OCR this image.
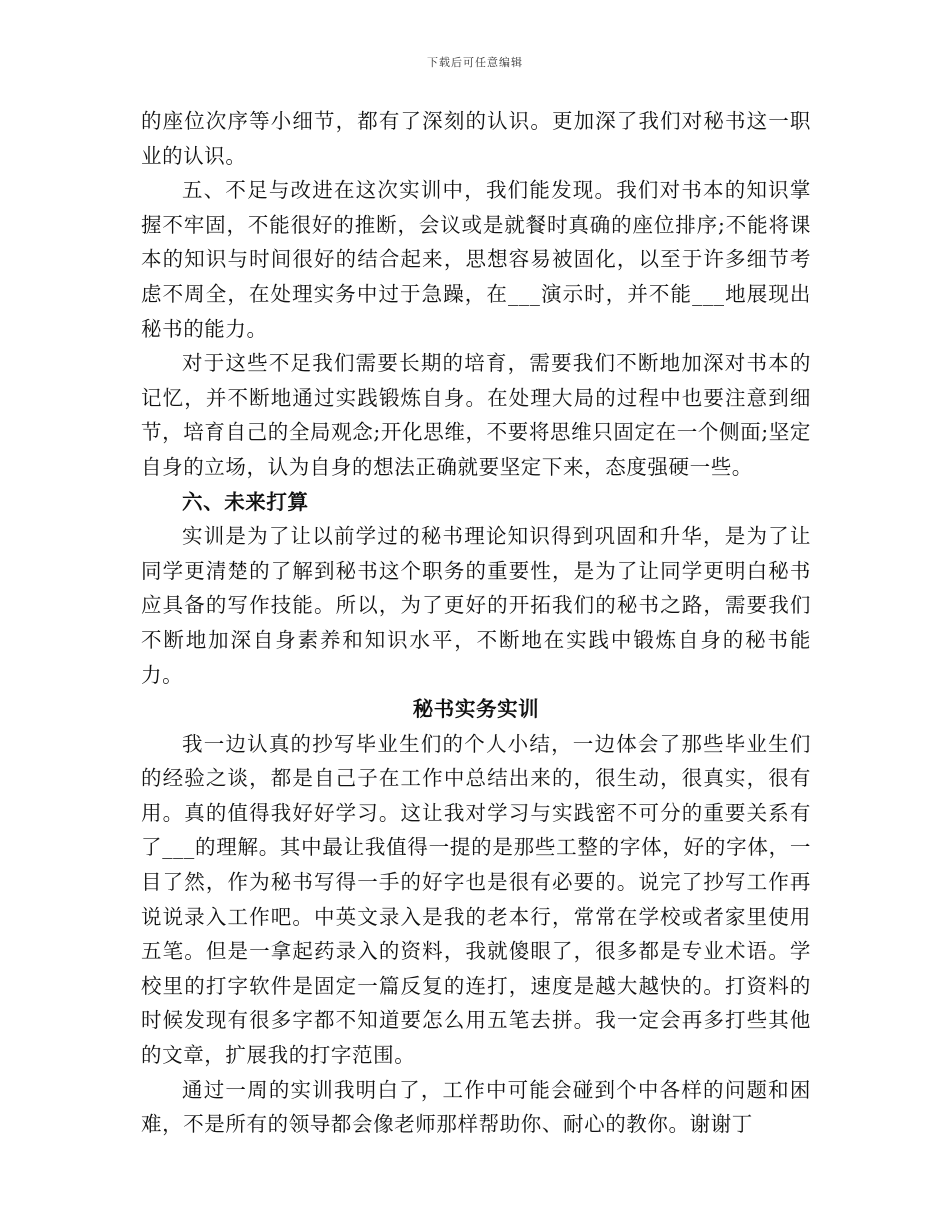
下载后可任意编辑

的座位次序等小细节，都有了深刻的认识。更加深了我们对秘书这一职业的认识。

五、不足与改进在这次实训中，我们能发现。我们对书本的知识掌握不牢固，不能很好的推断，会议或是就餐时真确的座位排序;不能将课本的知识与时间很好的结合起来，思想容易被固化，以至于许多细节考虑不周全，在处理实务中过于急躁，在___演示时，并不能___地展现出秘书的能力。

对于这些不足我们需要长期的培育，需要我们不断地加深对书本的记忆，并不断地通过实践锻炼自身。在处理大局的过程中也要注意到细节，培育自己的全局观念;开化思维，不要将思维只固定在一个侧面;坚定自身的立场，认为自身的想法正确就要坚定下来，态度强硬一些。

六、未来打算

实训是为了让以前学过的秘书理论知识得到巩固和升华，是为了让同学更清楚的了解到秘书这个职务的重要性，是为了让同学更明白秘书应具备的写作技能。所以，为了更好的开拓我们的秘书之路，需要我们不断地加深自身素养和知识水平，不断地在实践中锻炼自身的秘书能力。

秘书实务实训

我一边认真的抄写毕业生们的个人小结，一边体会了那些毕业生们的经验之谈，都是自己子在工作中总结出来的，很生动，很真实，很有用。真的值得我好好学习。这让我对学习与实践密不可分的重要关系有了___的理解。其中最让我值得一提的是那些工整的字体，好的字体，一目了然，作为秘书写得一手的好字也是很有必要的。说完了抄写工作再说说录入工作吧。中英文录入是我的老本行，常常在学校或者家里使用五笔。但是一拿起药录入的资料，我就傻眼了，很多都是专业术语。学校里的打字软件是固定一篇反复的连打，速度是越大越快的。打资料的时候发现有很多字都不知道要怎么用五笔去拼。我一定会再多打些其他的文章，扩展我的打字范围。

通过一周的实训我明白了，工作中可能会碰到个中各样的问题和困难，不是所有的领导都会像老师那样帮助你、耐心的教你。谢谢丁
